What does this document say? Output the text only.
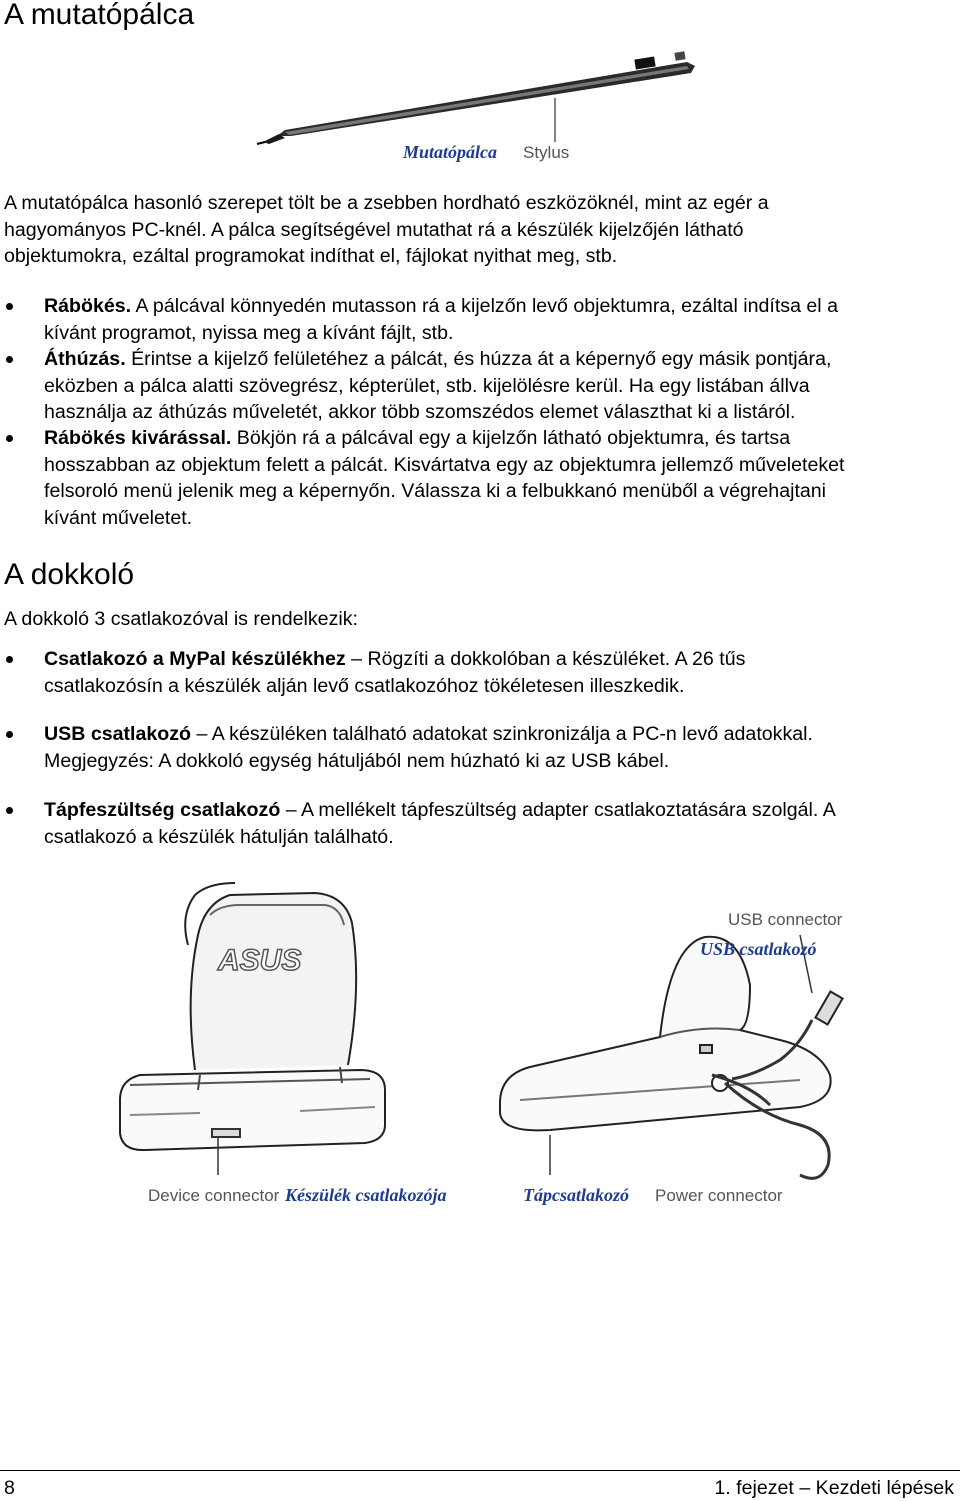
A mutatópálca
Mutatópálca Stylus

A mutatópálca hasonló szerepet tölt be a zsebben hordható eszközöknél, mint az egér a
hagyományos PC-knél. A pálca segítségével mutathat rá a készülék kijelzőjén látható
objektumokra, ezáltal programokat indíthat el, fájlokat nyithat meg, stb.

Rábökés. A pálcával könnyedén mutasson rá a kijelzőn levő objektumra, ezáltal indítsa el a
kívánt programot, nyissa meg a kívánt fájlt, stb.

Áthúzás. Érintse a kijelző felületéhez a pálcát, és húzza át a képernyő egy másik pontjára,
eközben a pálca alatti szövegrész, képterület, stb. kijelölésre kerül. Ha egy listában állva
használja az áthúzás műveletét, akkor több szomszédos elemet választhat ki a listáról.

Rábökés kivárással. Bökjön rá a pálcával egy a kijelzőn látható objektumra, és tartsa
hosszabban az objektum felett a pálcát. Kisvártatva egy az objektumra jellemző műveleteket
felsoroló menü jelenik meg a képernyőn. Válassza ki a felbukkanó menüből a végrehajtani
kívánt műveletet.

A dokkoló

A dokkoló 3 csatlakozóval is rendelkezik:

Csatlakozó a MyPal készülékhez – Rögzíti a dokkolóban a készüléket. A 26 tűs
csatlakozósín a készülék alján levő csatlakozóhoz tökéletesen illeszkedik.

USB csatlakozó – A készüléken található adatokat szinkronizálja a PC-n levő adatokkal.
Megjegyzés: A dokkoló egység hátuljából nem húzható ki az USB kábel.

Tápfeszültség csatlakozó – A mellékelt tápfeszültség adapter csatlakoztatására szolgál. A
csatlakozó a készülék hátulján található.

ASUS
USB connector
USB csatlakozó
Device connector Készülék csatlakozója	Tápcsatlakozó Power connector
8	1. fejezet – Kezdeti lépések
